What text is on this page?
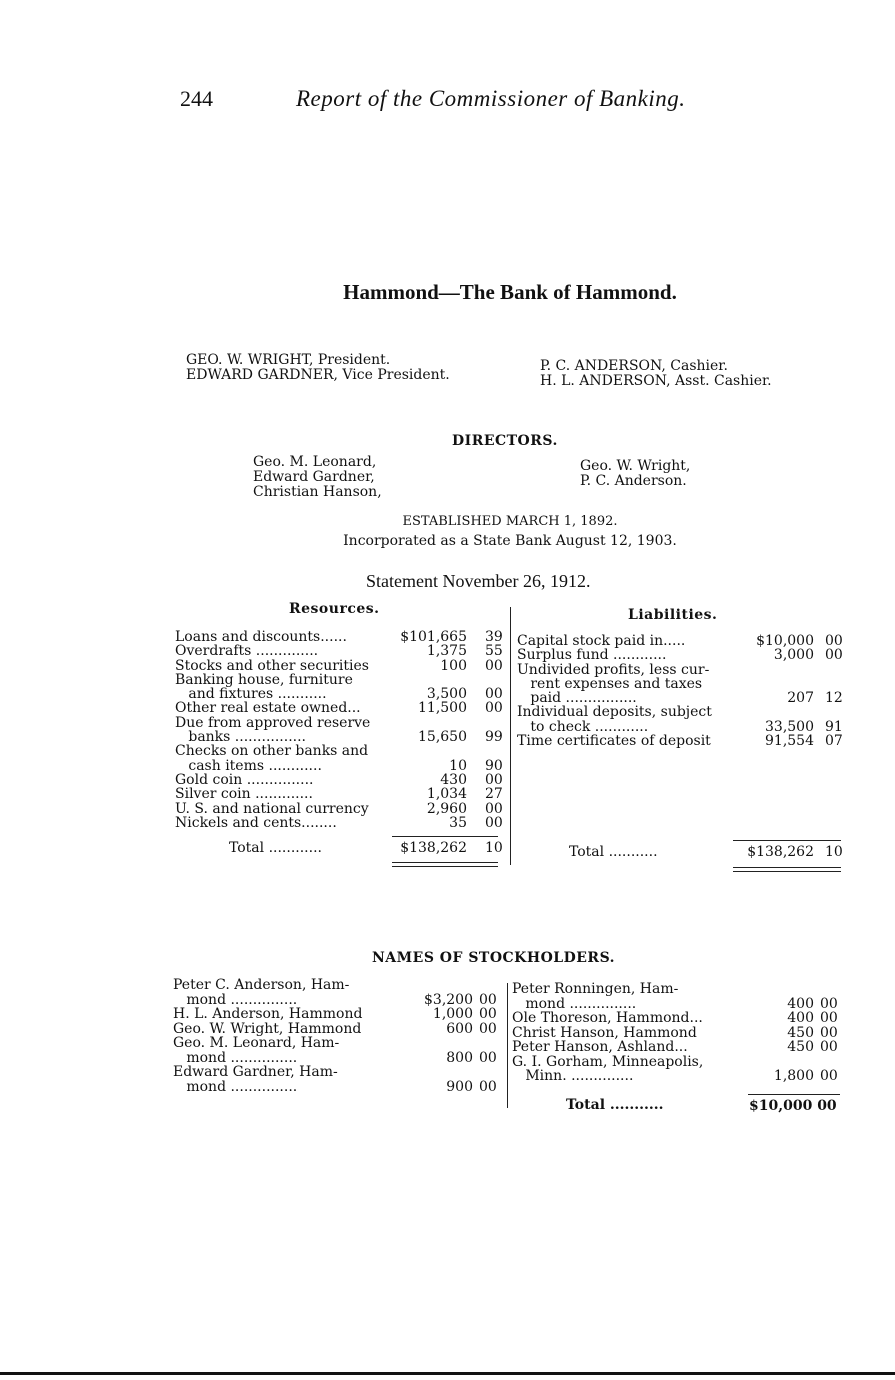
244	Report of the Commissioner of Banking.
Hammond—The Bank of Hammond.
GEO. W. WRIGHT, President.
EDWARD GARDNER, Vice President.
P. C. ANDERSON, Cashier.
H. L. ANDERSON, Asst. Cashier.
DIRECTORS.
Geo. M. Leonard,
Edward Gardner,
Christian Hanson,
Geo. W. Wright,
P. C. Anderson.
ESTABLISHED MARCH 1, 1892.
Incorporated as a State Bank August 12, 1903.
Statement November 26, 1912.
Resources.	Liabilities.
Loans and discounts......	$101,665 39
Overdrafts ..............	1,375 55
Stocks and other securities	100 00
Banking house, furniture
and fixtures ...........	3,500 00
Other real estate owned...	11,500 00
Due from approved reserve
banks ................	15,650 99
Checks on other banks and
cash items ............	10 90
Gold coin ...............	430 00
Silver coin .............	1,034 27
U. S. and national currency	2,960 00
Nickels and cents........	35 00
Total ............	$138,262 10
Capital stock paid in.....	$10,000 00
Surplus fund ............	3,000 00
Undivided profits, less cur-
rent expenses and taxes
paid ................	207 12
Individual deposits, subject
to check ............	33,500 91
Time certificates of deposit	91,554 07
Total ...........	$138,262 10
NAMES OF STOCKHOLDERS.
Peter C. Anderson, Ham-
mond ...............	$3,200 00
H. L. Anderson, Hammond	1,000 00
Geo. W. Wright, Hammond	600 00
Geo. M. Leonard, Ham-
mond ...............	800 00
Edward Gardner, Ham-
mond ...............	900 00
Peter Ronningen, Ham-
mond ...............	400 00
Ole Thoreson, Hammond...	400 00
Christ Hanson, Hammond	450 00
Peter Hanson, Ashland...	450 00
G. I. Gorham, Minneapolis,
Minn. ..............	1,800 00
Total ...........	$10,000 00
